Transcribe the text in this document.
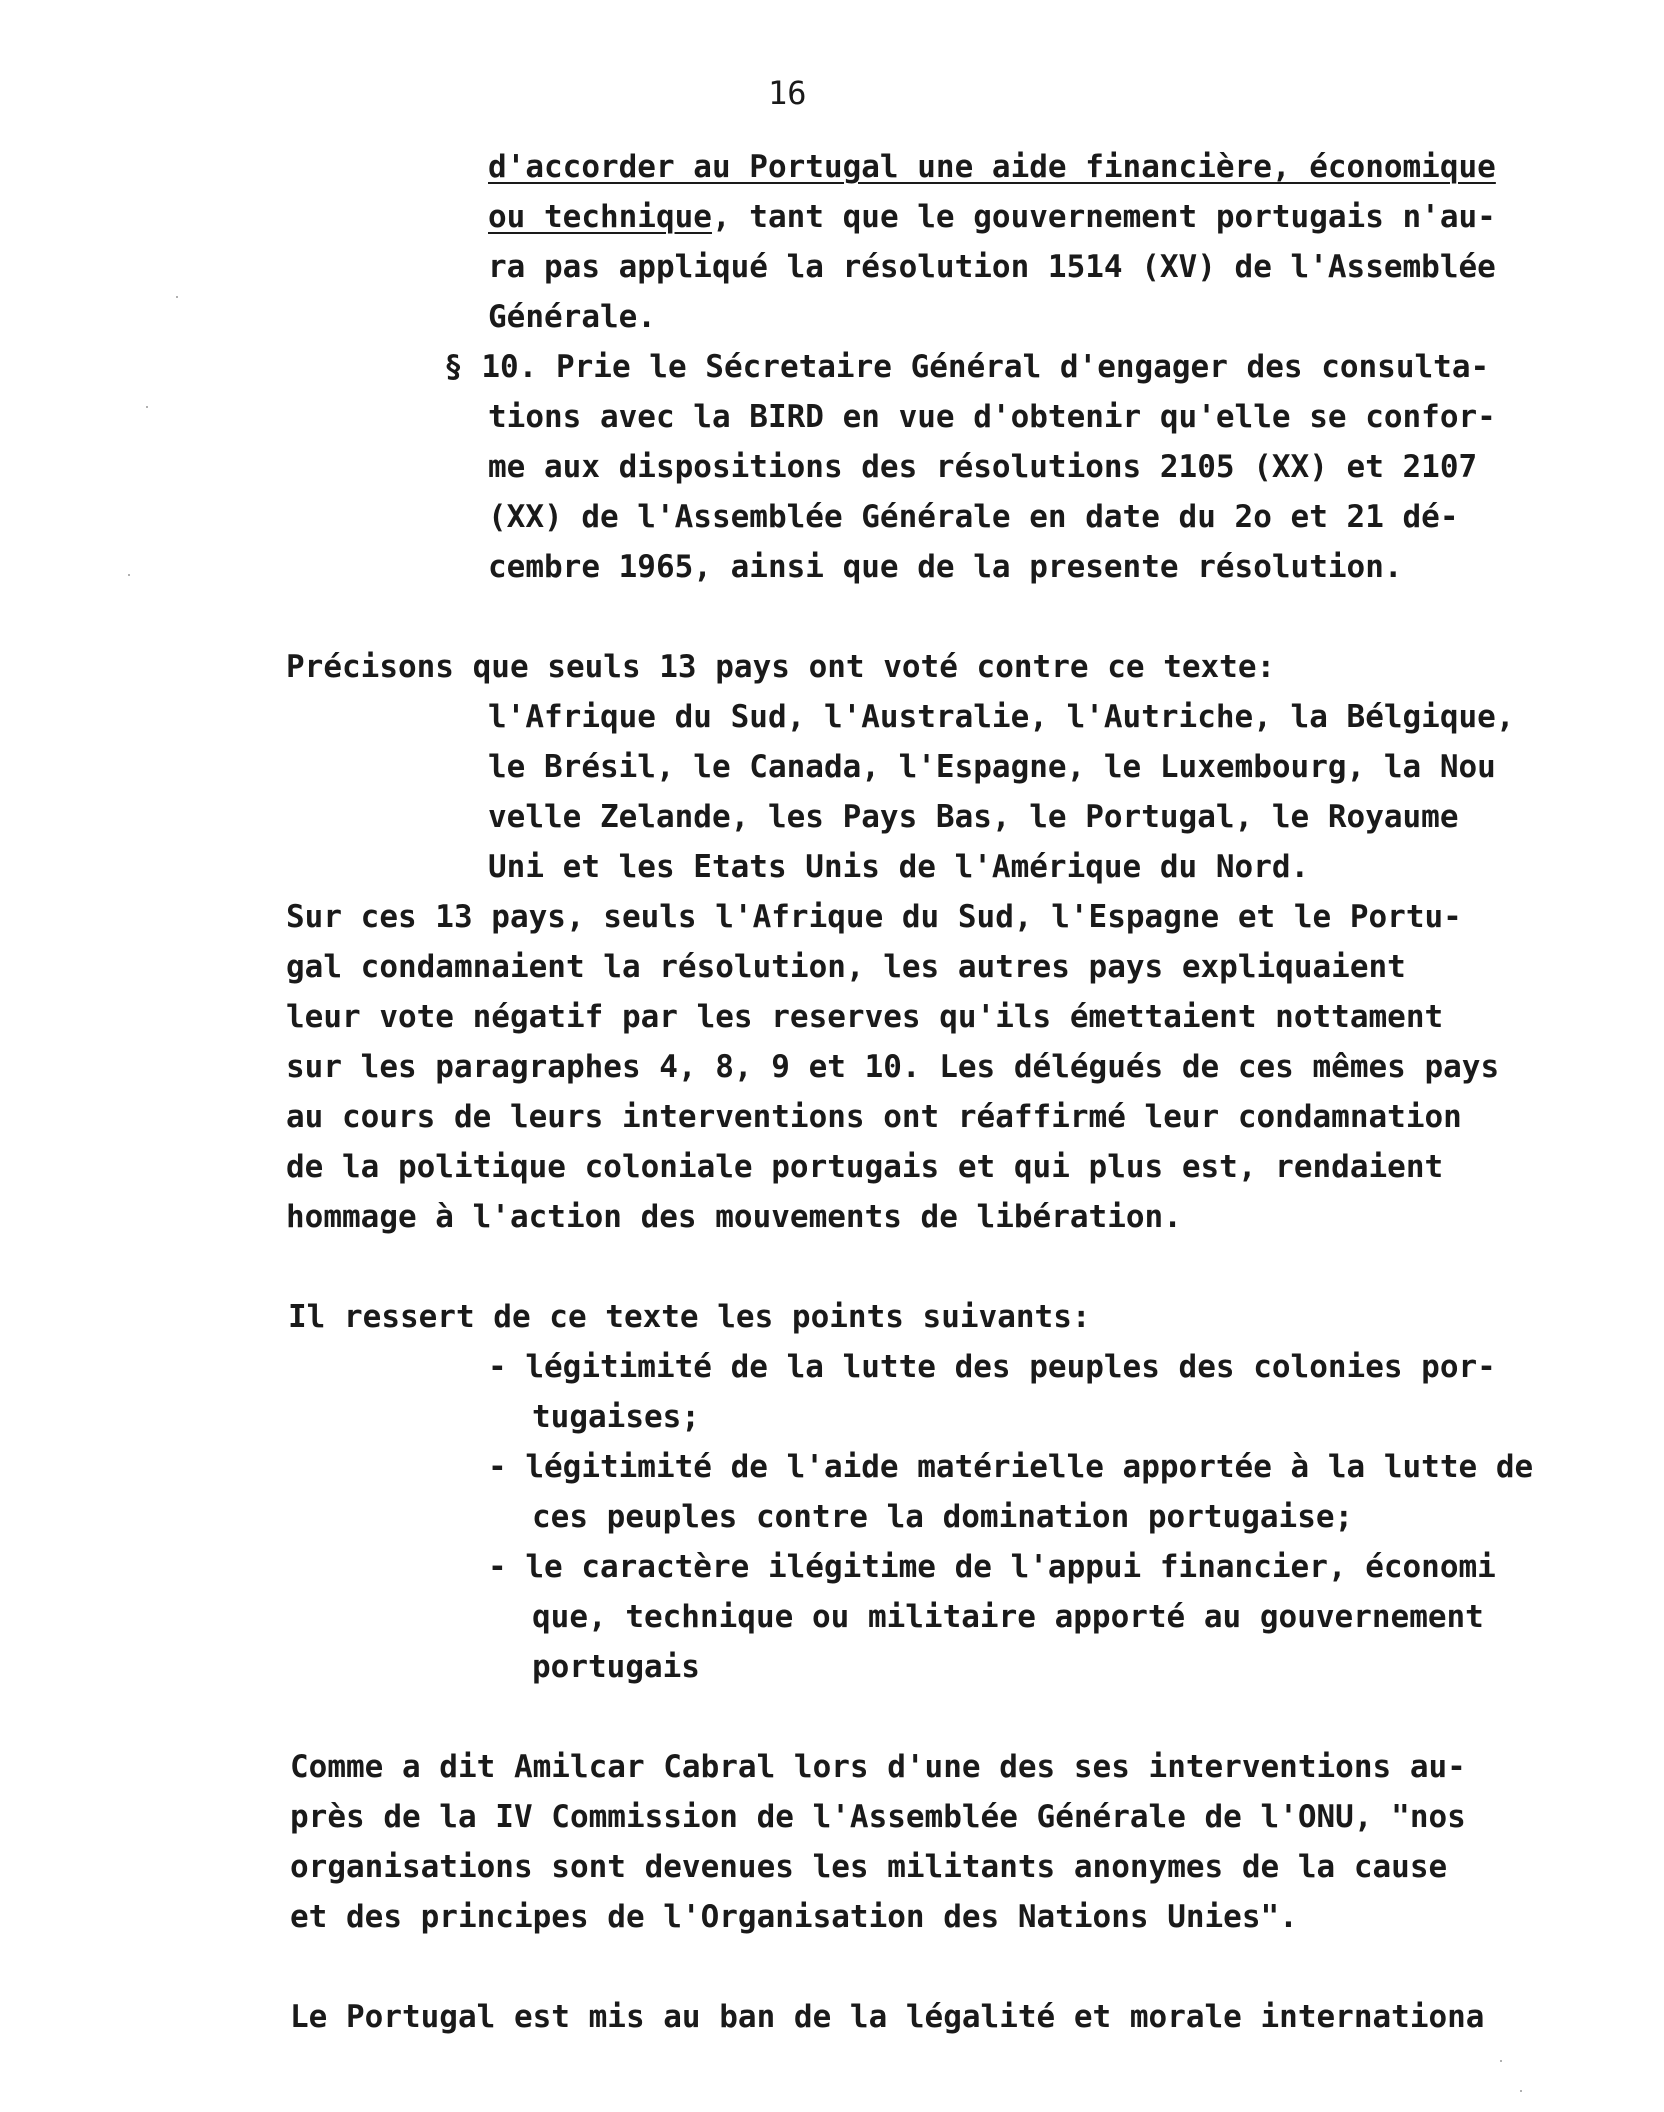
16
d'accorder au Portugal une aide financière, économique
ou technique, tant que le gouvernement portugais n'au-
ra pas appliqué la résolution 1514 (XV) de l'Assemblée
Générale.
§ 10. Prie le Sécretaire Général d'engager des consulta-
tions avec la BIRD en vue d'obtenir qu'elle se confor-
me aux dispositions des résolutions 2105 (XX) et 2107
(XX) de l'Assemblée Générale en date du 2o et 21 dé-
cembre 1965, ainsi que de la presente résolution.
Précisons que seuls 13 pays ont voté contre ce texte:
l'Afrique du Sud, l'Australie, l'Autriche, la Bélgique,
le Brésil, le Canada, l'Espagne, le Luxembourg, la Nou
velle Zelande, les Pays Bas, le Portugal, le Royaume
Uni et les Etats Unis de l'Amérique du Nord.
Sur ces 13 pays, seuls l'Afrique du Sud, l'Espagne et le Portu-
gal condamnaient la résolution, les autres pays expliquaient
leur vote négatif par les reserves qu'ils émettaient nottament
sur les paragraphes 4, 8, 9 et 10. Les délégués de ces mêmes pays
au cours de leurs interventions ont réaffirmé leur condamnation
de la politique coloniale portugais et qui plus est, rendaient
hommage à l'action des mouvements de libération.
Il ressert de ce texte les points suivants:
- légitimité de la lutte des peuples des colonies por-
tugaises;
- légitimité de l'aide matérielle apportée à la lutte de
ces peuples contre la domination portugaise;
- le caractère ilégitime de l'appui financier, économi
que, technique ou militaire apporté au gouvernement
portugais
Comme a dit Amilcar Cabral lors d'une des ses interventions au-
près de la IV Commission de l'Assemblée Générale de l'ONU, "nos
organisations sont devenues les militants anonymes de la cause
et des principes de l'Organisation des Nations Unies".
Le Portugal est mis au ban de la légalité et morale internationa
